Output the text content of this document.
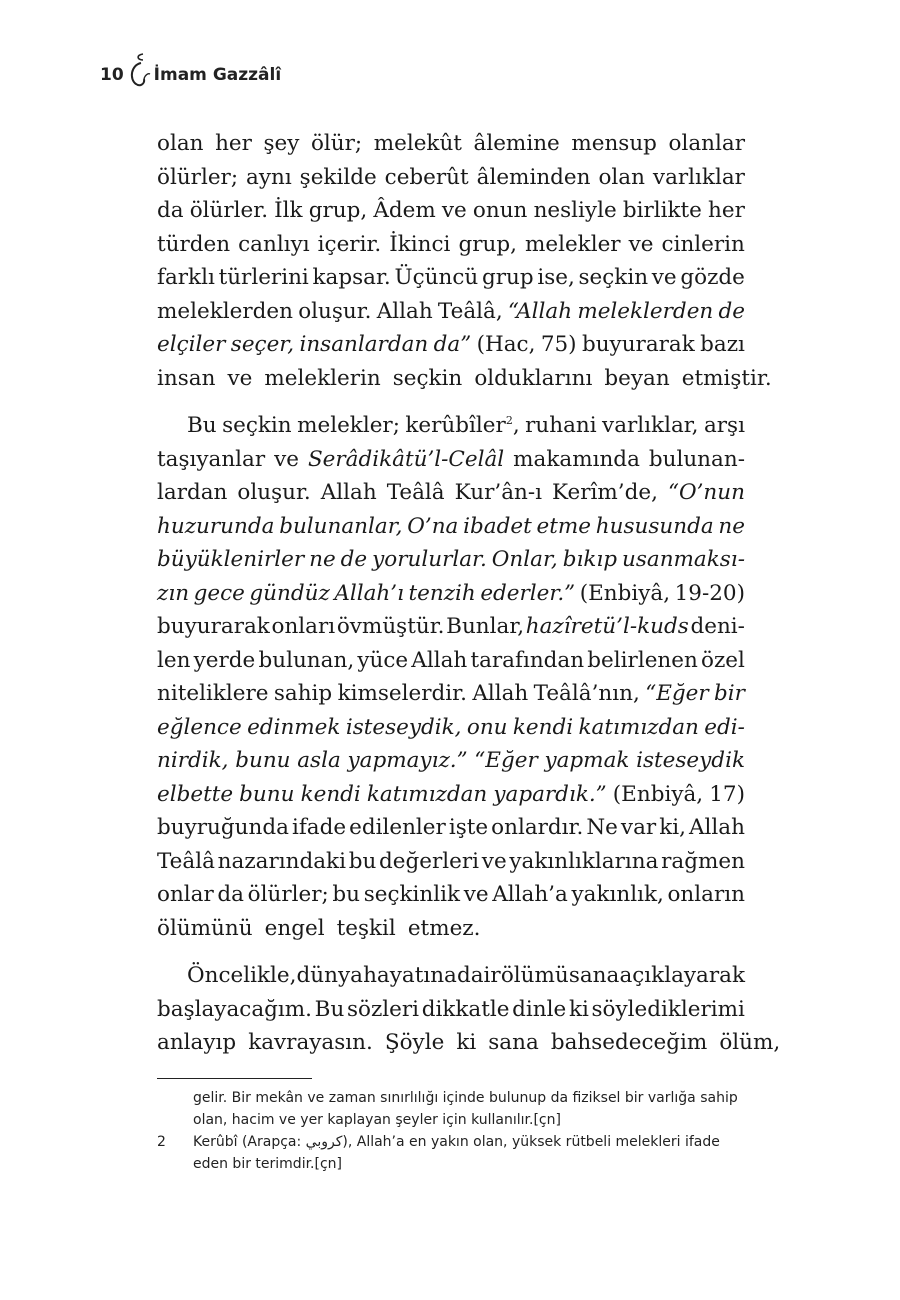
10 İmam Gazzâlî
olan her şey ölür; melekût âlemine mensup olanlar
ölürler; aynı şekilde ceberût âleminden olan varlıklar
da ölürler. İlk grup, Âdem ve onun nesliyle birlikte her
türden canlıyı içerir. İkinci grup, melekler ve cinlerin
farklı türlerini kapsar. Üçüncü grup ise, seçkin ve gözde
meleklerden oluşur. Allah Teâlâ, “Allah meleklerden de
elçiler seçer, insanlardan da” (Hac, 75) buyurarak bazı
insan ve meleklerin seçkin olduklarını beyan etmiştir.
Bu seçkin melekler; kerûbîler$^2$, ruhani varlıklar, arşı
taşıyanlar ve Serâdikâtü’l-Celâl makamında bulunan-
lardan oluşur. Allah Teâlâ Kur’ân-ı Kerîm’de, “O’nun
huzurunda bulunanlar, O’na ibadet etme hususunda ne
büyüklenirler ne de yorulurlar. Onlar, bıkıp usanmaksı-
zın gece gündüz Allah’ı tenzih ederler.” (Enbiyâ, 19-20)
buyurarak onları övmüştür. Bunlar, hazîretü’l-kuds deni-
len yerde bulunan, yüce Allah tarafından belirlenen özel
niteliklere sahip kimselerdir. Allah Teâlâ’nın, “Eğer bir
eğlence edinmek isteseydik, onu kendi katımızdan edi-
nirdik, bunu asla yapmayız.” “Eğer yapmak isteseydik
elbette bunu kendi katımızdan yapardık.” (Enbiyâ, 17)
buyruğunda ifade edilenler işte onlardır. Ne var ki, Allah
Teâlâ nazarındaki bu değerleri ve yakınlıklarına rağmen
onlar da ölürler; bu seçkinlik ve Allah’a yakınlık, onların
ölümünü engel teşkil etmez.
Öncelikle, dünya hayatına dair ölümü sana açıklayarak
başlayacağım. Bu sözleri dikkatle dinle ki söylediklerimi
anlayıp kavrayasın. Şöyle ki sana bahsedeceğim ölüm,
gelir. Bir mekân ve zaman sınırlılığı içinde bulunup da fiziksel bir varlığa sahip olan, hacim ve yer kaplayan şeyler için kullanılır.[çn]
2 Kerûbî (Arapça: كروبي), Allah’a en yakın olan, yüksek rütbeli melekleri ifade eden bir terimdir.[çn]
